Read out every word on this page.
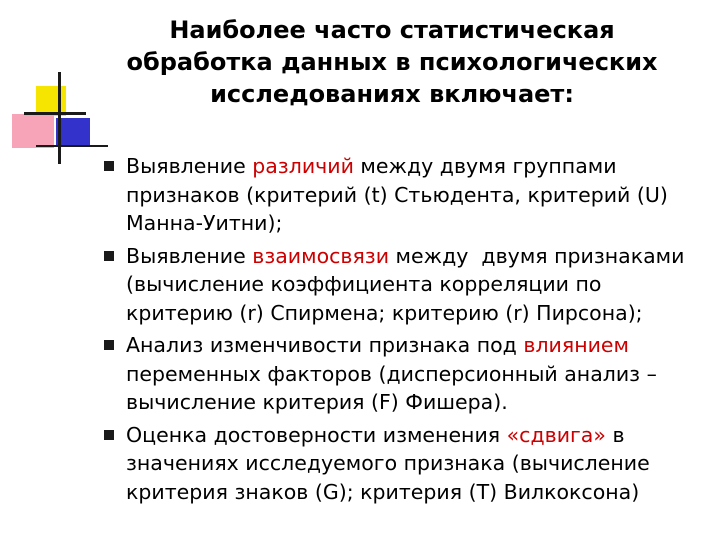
Наиболее часто статистическая
обработка данных в психологических
исследованиях включает:
Выявление различий между двумя группами
признаков (критерий (t) Стьюдента, критерий (U)
Манна-Уитни);
Выявление взаимосвязи между  двумя признаками
(вычисление коэффициента корреляции по
критерию (r) Спирмена; критерию (r) Пирсона);
Анализ изменчивости признака под влиянием
переменных факторов (дисперсионный анализ –
вычисление критерия (F) Фишера).
Оценка достоверности изменения «сдвига» в
значениях исследуемого признака (вычисление
критерия знаков (G); критерия (T) Вилкоксона)
